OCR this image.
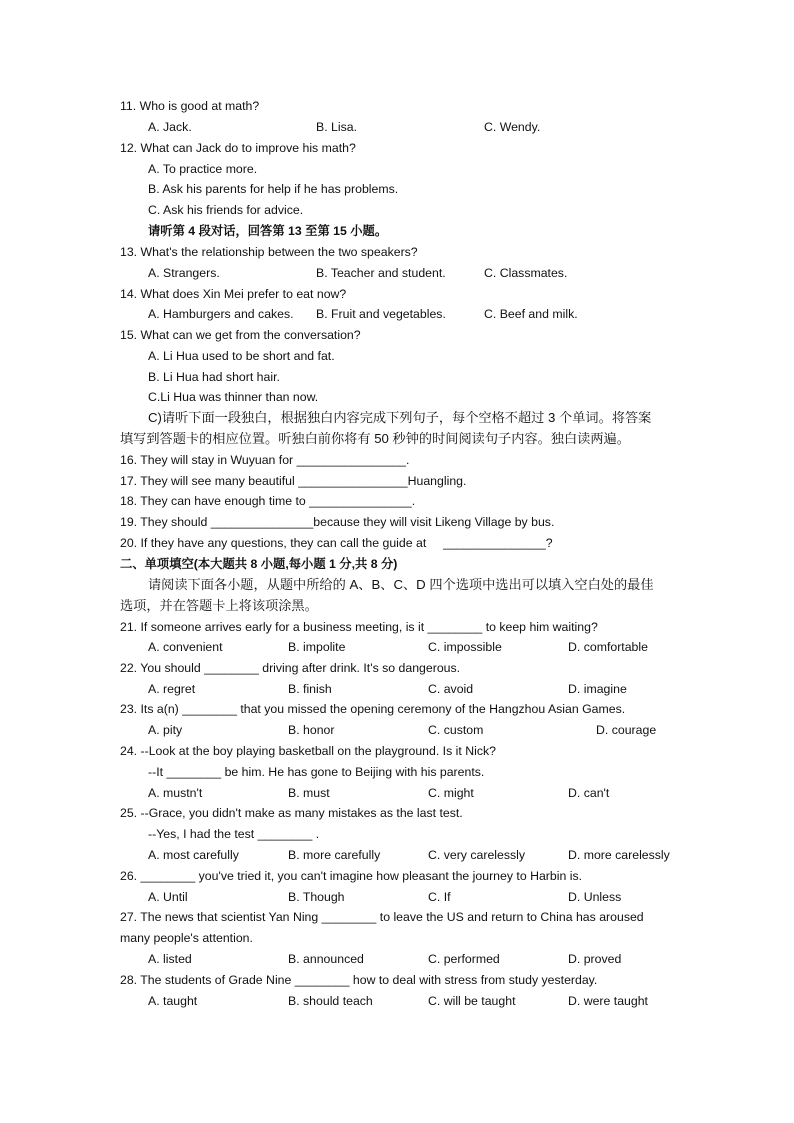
11. Who is good at math?
A. Jack.	B. Lisa.	C. Wendy.
12. What can Jack do to improve his math?
A. To practice more.
B. Ask his parents for help if he has problems.
C. Ask his friends for advice.
请听第 4 段对话，回答第 13 至第 15 小题。
13. What's the relationship between the two speakers?
A. Strangers.	B. Teacher and student.	C. Classmates.
14. What does Xin Mei prefer to eat now?
A. Hamburgers and cakes. B. Fruit and vegetables.	C. Beef and milk.
15. What can we get from the conversation?
A. Li Hua used to be short and fat.
B. Li Hua had short hair.
C.Li Hua was thinner than now.
C)请听下面一段独白，根据独白内容完成下列句子，每个空格不超过 3 个单词。将答案
填写到答题卡的相应位置。听独白前你将有 50 秒钟的时间阅读句子内容。独白读两遍。
16. They will stay in Wuyuan for ________________.
17. They will see many beautiful ________________Huangling.
18. They can have enough time to _______________.
19. They should _______________because they will visit Likeng Village by bus.
20. If they have any questions, they can call the guide at _______________?
二、单项填空(本大题共 8 小题,每小题 1 分,共 8 分)
请阅读下面各小题，从题中所给的 A、B、C、D 四个选项中选出可以填入空白处的最佳
选项，并在答题卡上将该项涂黑。
21. If someone arrives early for a business meeting, is it ________ to keep him waiting?
A. convenient	B. impolite	C. impossible	D. comfortable
22. You should ________ driving after drink. It's so dangerous.
A. regret	B. finish	C. avoid	D. imagine
23. Its a(n) ________ that you missed the opening ceremony of the Hangzhou Asian Games.
A. pity	B. honor	C. custom	D. courage
24. --Look at the boy playing basketball on the playground. Is it Nick?
--It ________ be him. He has gone to Beijing with his parents.
A. mustn't	B. must	C. might	D. can't
25. --Grace, you didn't make as many mistakes as the last test.
--Yes, I had the test ________ .
A. most carefully	B. more carefully	C. very carelessly	D. more carelessly
26. ________ you've tried it, you can't imagine how pleasant the journey to Harbin is.
A. Until	B. Though	C. If	D. Unless
27. The news that scientist Yan Ning ________ to leave the US and return to China has aroused
many people's attention.
A. listed	B. announced	C. performed	D. proved
28. The students of Grade Nine ________ how to deal with stress from study yesterday.
A. taught	B. should teach	C. will be taught	D. were taught
